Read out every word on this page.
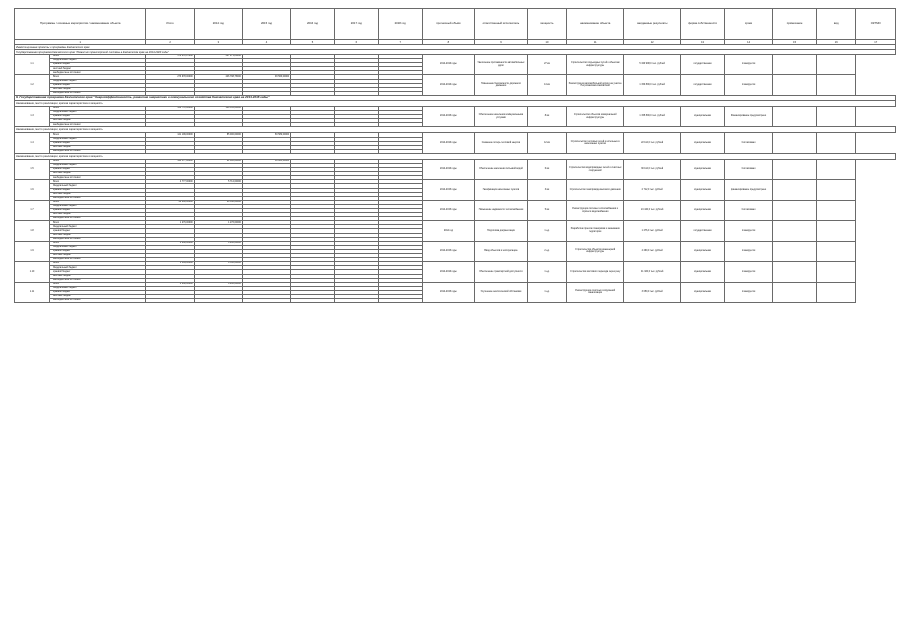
Программы / основные мероприятия / наименование объекта		Итого	2014 год	2015 год	2016 год	2017 год	2018 год	прогнозный объём	ответственный исполнитель	мощность	наименование объекта	ожидаемые результаты	форма собственности	сроки	примечание	вид	ОКТМО
1		2	3	4	5	6	7	8	9	10	11	12	13	14	15	16	17
Инвестиционные проекты и программы Камчатского края																	
Государственная программа Камчатского края "Развитие транспортной системы в Камчатском крае на 2014-2020 годы"																	
1.1	Всего	576 272,07260	367 271,81960					2014-2016 годы	Увеличение протяжённости автомобильных дорог	27 км	Строительство подъездных путей к объектам инфраструктуры	5 340 908,0 тыс. рублей	государственная	планируется			
	Федеральный бюджет																
	краевой бюджет																
	местный бюджет																
	внебюджетные источники																
1.2	Всего	273 978,00000	246 798,75000	93 566,00000				2014-2016 годы	Повышение безопасности дорожного движения	14 км	Реконструкция автомобильной дороги на участке Петропавловск-Камчатский	1 150 800,0 тыс. рублей	государственная	планируется			
	Федеральный бюджет																
	краевой бюджет																
	местный бюджет																
	внебюджетные источники																
II. Государственная программа Камчатского края "Энергоэффективность, развитие энергетики и коммунального хозяйства Камчатского края на 2014-2018 годы"																	
Наименование, место реализации, краткая характеристика и мощность																	
1.3	Всего	130 772,00000	109 353,00000					2014-2015 годы	Обеспечение населения коммунальными услугами	8 км	Строительство объектов коммунальной инфраструктуры	1 155 800,0 тыс. рублей	муниципальная	Финансирование предусмотрено			
	Федеральный бюджет																
	краевой бюджет																
	местный бюджет																
	внебюджетные источники																
Наименование, место реализации, краткая характеристика и мощность																	
1.4	Всего	121 199,00000	85 000,00000	83 589,00000				2014-2016 годы	Снижение потерь тепловой энергии	12 км	Строительство тепловых сетей и котельных в населённых пунктах	22 112,0 тыс. рублей	муниципальная	Согласовано			
	Федеральный бюджет																
	краевой бюджет																
	местный бюджет																
	внебюджетные источники																
Наименование, место реализации, краткая характеристика и мощность																	
1.5	Всего	144 177,00000	81 000,00000	83 800,00000				2014-2016 годы	Обеспечение населения питьевой водой	6 км	Строительство водопроводных сетей и очистных сооружений	30 112,0 тыс. рублей	муниципальная	Согласовано			
	Федеральный бюджет																
	краевой бюджет																
	местный бюджет																
	внебюджетные источники																
1.6	Всего	4 777,00000	5 712,00000					2014-2015 годы	Газификация населённых пунктов	3 км	Строительство газопровода высокого давления	2 712,0 тыс. рублей	муниципальная	финансирование предусмотрено			
	Федеральный бюджет																
	краевой бюджет																
	местный бюджет																
	внебюджетные источники																
1.7	Всего	20 000,00000	24 340,00000					2014-2015 годы	Повышение надёжности теплоснабжения	5 км	Реконструкция системы теплоснабжения и горячего водоснабжения	24 440,0 тыс. рублей	муниципальная	Согласовано			
	Федеральный бюджет																
	краевой бюджет																
	местный бюджет																
	внебюджетные источники																
1.8	Всего	1 276,00000	1 276,00000					2014 год	Подготовка документации	1 ед.	Разработка проекта планировки и межевания территории	1 276,0 тыс. рублей	государственная	планируется			
	Федеральный бюджет																
	краевой бюджет																
	местный бюджет																
	внебюджетные источники																
1.9	Всего	4 260,00000	4 260,00000					2014-2015 годы	Ввод объектов в эксплуатацию	2 ед.	Строительство объектов инженерной инфраструктуры	4 260,0 тыс. рублей	муниципальная	планируется			
	Федеральный бюджет																
	краевой бюджет																
	местный бюджет																
	внебюджетные источники																
1.10	Всего	1 349,00000	9 530,00000					2014-2016 годы	Обеспечение транспортной доступности	1 ед.	Строительство мостового перехода через реку	41 320,0 тыс. рублей	муниципальная	планируется			
	Федеральный бюджет																
	краевой бюджет																
	местный бюджет																
	внебюджетные источники																
1.11	Всего	4 260,00000	4 260,00000					2014-2015 годы	Улучшение экологической обстановки	1 ед.	Реконструкция очистных сооружений канализации	3 050,0 тыс. рублей	муниципальная	планируется			
	Федеральный бюджет																
	краевой бюджет																
	местный бюджет																
	внебюджетные источники																
